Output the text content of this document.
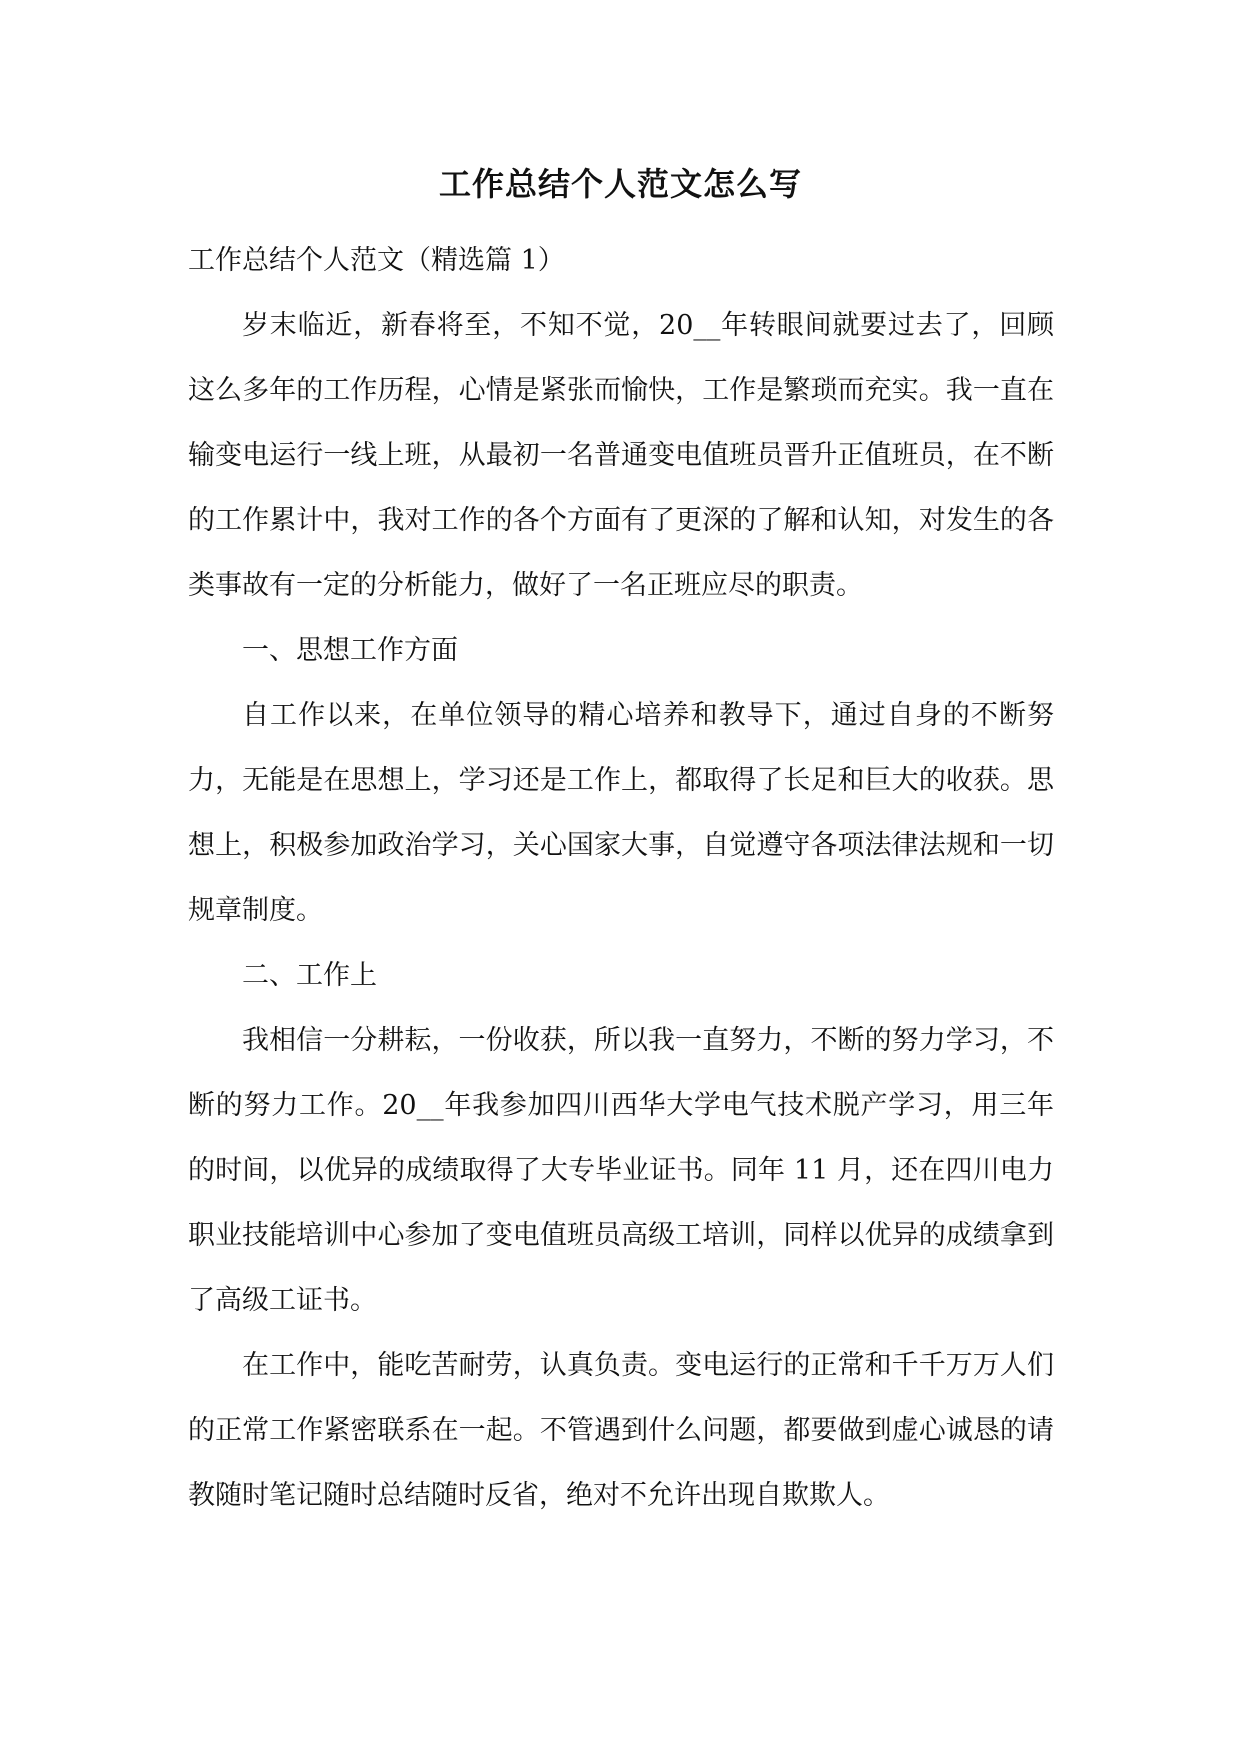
工作总结个人范文怎么写

工作总结个人范文（精选篇 1）

岁末临近，新春将至，不知不觉，20__年转眼间就要过去了，回顾这么多年的工作历程，心情是紧张而愉快，工作是繁琐而充实。我一直在输变电运行一线上班，从最初一名普通变电值班员晋升正值班员，在不断的工作累计中，我对工作的各个方面有了更深的了解和认知，对发生的各类事故有一定的分析能力，做好了一名正班应尽的职责。

一、思想工作方面

自工作以来，在单位领导的精心培养和教导下，通过自身的不断努力，无能是在思想上，学习还是工作上，都取得了长足和巨大的收获。思想上，积极参加政治学习，关心国家大事，自觉遵守各项法律法规和一切规章制度。

二、工作上

我相信一分耕耘，一份收获，所以我一直努力，不断的努力学习，不断的努力工作。20__年我参加四川西华大学电气技术脱产学习，用三年的时间，以优异的成绩取得了大专毕业证书。同年 11 月，还在四川电力职业技能培训中心参加了变电值班员高级工培训，同样以优异的成绩拿到了高级工证书。

在工作中，能吃苦耐劳，认真负责。变电运行的正常和千千万万人们的正常工作紧密联系在一起。不管遇到什么问题，都要做到虚心诚恳的请教随时笔记随时总结随时反省，绝对不允许出现自欺欺人。
